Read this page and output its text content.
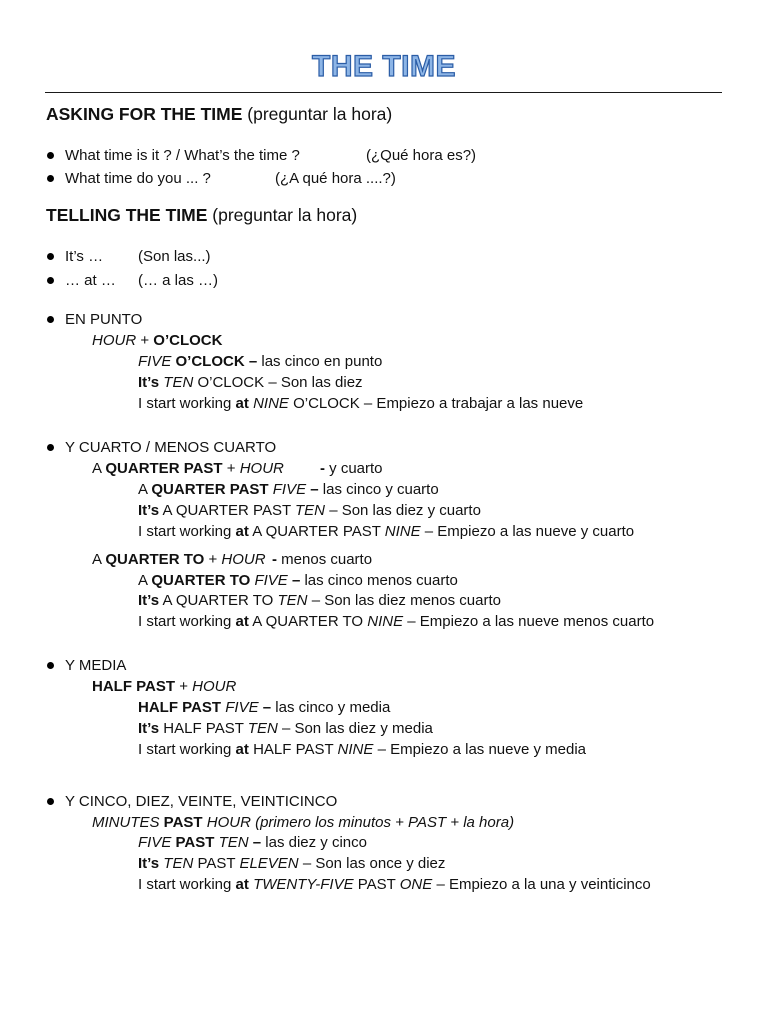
THE TIME
ASKING FOR THE TIME (preguntar la hora)
What time is it ? / What’s the time ?	(¿Qué hora es?)
What time do you ... ?	(¿A qué hora ....?)
TELLING THE TIME (preguntar la hora)
It’s … (Son las...)
… at … (… a las …)
EN PUNTO
HOUR + O’CLOCK
FIVE O’CLOCK – las cinco en punto
It’s TEN O’CLOCK – Son las diez
I start working at NINE O’CLOCK – Empiezo a trabajar a las nueve
Y CUARTO / MENOS CUARTO
A QUARTER PAST + HOUR - y cuarto
A QUARTER PAST FIVE – las cinco y cuarto
It’s A QUARTER PAST TEN – Son las diez y cuarto
I start working at A QUARTER PAST NINE – Empiezo a las nueve y cuarto
A QUARTER TO + HOUR - menos cuarto
A QUARTER TO FIVE – las cinco menos cuarto
It’s A QUARTER TO TEN – Son las diez menos cuarto
I start working at A QUARTER TO NINE – Empiezo a las nueve menos cuarto
Y MEDIA
HALF PAST + HOUR
HALF PAST FIVE – las cinco y media
It’s HALF PAST TEN – Son las diez y media
I start working at HALF PAST NINE – Empiezo a las nueve y media
Y CINCO, DIEZ, VEINTE, VEINTICINCO
MINUTES PAST HOUR (primero los minutos + PAST + la hora)
FIVE PAST TEN – las diez y cinco
It’s TEN PAST ELEVEN – Son las once y diez
I start working at TWENTY-FIVE PAST ONE – Empiezo a la una y veinticinco
